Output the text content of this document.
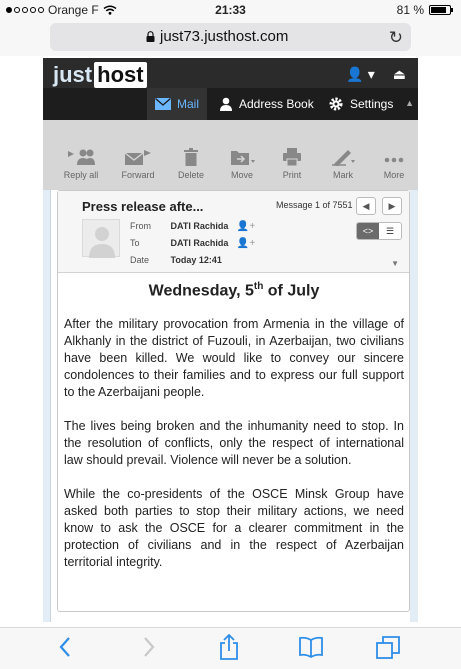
Orange F	21:33	81 %
just73.justhost.com	↻
just host	👤 ▾ ⏏
Mail	Address Book	Settings ▲
Reply all	Forward	Delete	Move	Print	Mark	More
Press release afte...	Message 1 of 7551	◀	▶
From DATI Rachida 👤+
To	DATI Rachida 👤+
Date Today 12:41
<>	☰
▼
Wednesday, 5th of July

After the military provocation from Armenia in the village of Alkhanly in the district of Fuzouli, in Azerbaijan, two civilians have been killed. We would like to convey our sincere condolences to their families and to express our full support to the Azerbaijani people.

The lives being broken and the inhumanity need to stop. In the resolution of conflicts, only the respect of international law should prevail. Violence will never be a solution.

While the co-presidents of the OSCE Minsk Group have asked both parties to stop their military actions, we need know to ask the OSCE for a clearer commitment in the protection of civilians and in the respect of Azerbaijan territorial integrity.
